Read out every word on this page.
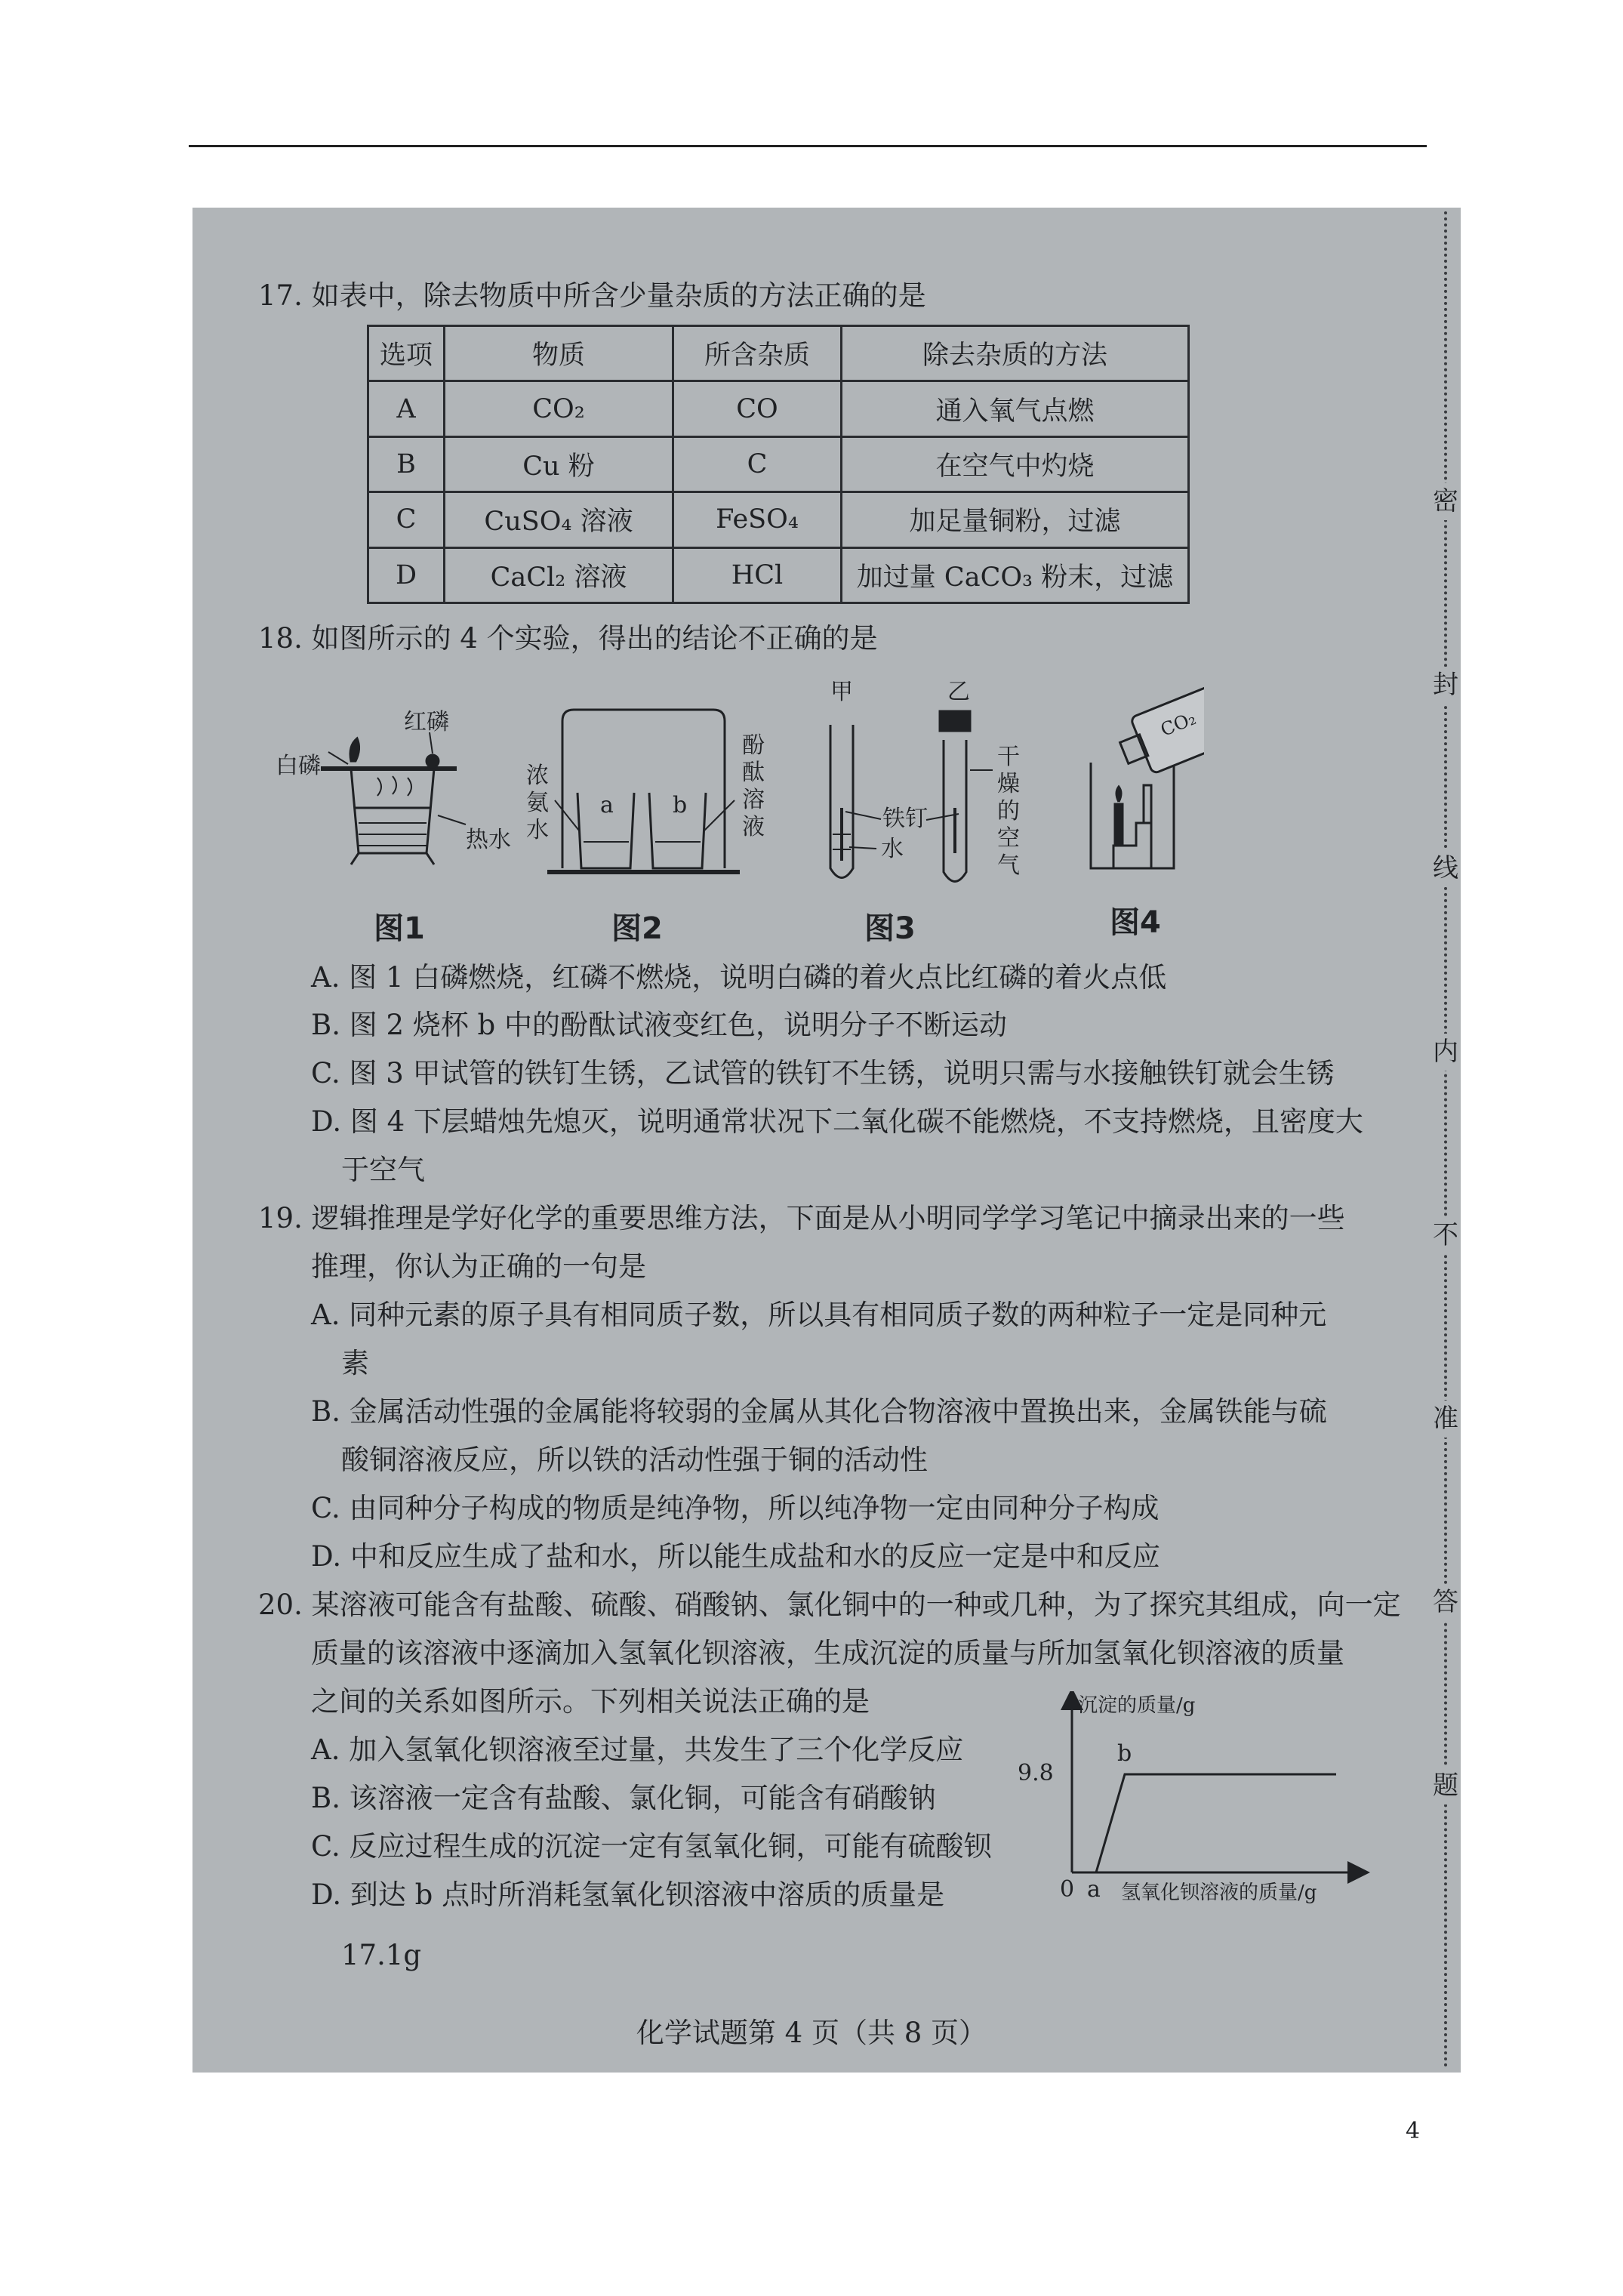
密
封
线
内
不
准
答
题
17. 如表中，除去物质中所含少量杂质的方法正确的是
选项	物质	所含杂质	除去杂质的方法
A	CO₂	CO	通入氧气点燃
B	Cu 粉	C	在空气中灼烧
C	CuSO₄ 溶液	FeSO₄	加足量铜粉，过滤
D	CaCl₂ 溶液	HCl	加过量 CaCO₃ 粉末，过滤
18. 如图所示的 4 个实验，得出的结论不正确的是
白磷
红磷
热水
图1
浓氨水
a	b
酚酞溶液
图2
甲	乙
铁钉
水
干燥的空气
图3
CO₂
图4
A. 图 1 白磷燃烧，红磷不燃烧，说明白磷的着火点比红磷的着火点低
B. 图 2 烧杯 b 中的酚酞试液变红色，说明分子不断运动
C. 图 3 甲试管的铁钉生锈，乙试管的铁钉不生锈，说明只需与水接触铁钉就会生锈
D. 图 4 下层蜡烛先熄灭，说明通常状况下二氧化碳不能燃烧，不支持燃烧，且密度大
于空气
19. 逻辑推理是学好化学的重要思维方法，下面是从小明同学学习笔记中摘录出来的一些
推理，你认为正确的一句是
A. 同种元素的原子具有相同质子数，所以具有相同质子数的两种粒子一定是同种元
素
B. 金属活动性强的金属能将较弱的金属从其化合物溶液中置换出来，金属铁能与硫
酸铜溶液反应，所以铁的活动性强于铜的活动性
C. 由同种分子构成的物质是纯净物，所以纯净物一定由同种分子构成
D. 中和反应生成了盐和水，所以能生成盐和水的反应一定是中和反应
20. 某溶液可能含有盐酸、硫酸、硝酸钠、氯化铜中的一种或几种，为了探究其组成，向一定
质量的该溶液中逐滴加入氢氧化钡溶液，生成沉淀的质量与所加氢氧化钡溶液的质量
之间的关系如图所示。下列相关说法正确的是
A. 加入氢氧化钡溶液至过量，共发生了三个化学反应
B. 该溶液一定含有盐酸、氯化铜，可能含有硝酸钠
C. 反应过程生成的沉淀一定有氢氧化铜，可能有硫酸钡
D. 到达 b 点时所消耗氢氧化钡溶液中溶质的质量是
17.1g
沉淀的质量/g
9.8
b
0 a 氢氧化钡溶液的质量/g
化学试题第 4 页（共 8 页）
4
